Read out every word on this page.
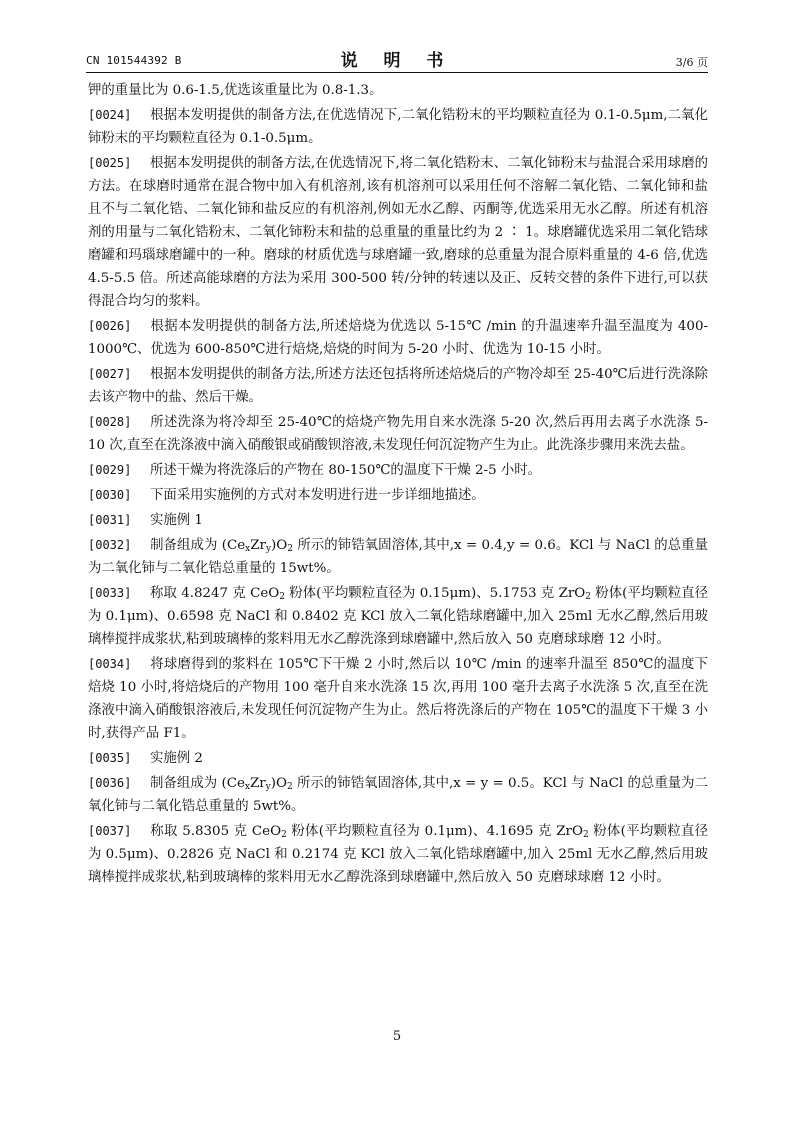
CN 101544392 B	说 明 书	3/6 页

钾的重量比为 0.6-1.5,优选该重量比为 0.8-1.3。

[0024] 根据本发明提供的制备方法,在优选情况下,二氧化锆粉末的平均颗粒直径为 0.1-0.5μm,二氧化铈粉末的平均颗粒直径为 0.1-0.5μm。

[0025] 根据本发明提供的制备方法,在优选情况下,将二氧化锆粉末、二氧化铈粉末与盐混合采用球磨的方法。在球磨时通常在混合物中加入有机溶剂,该有机溶剂可以采用任何不溶解二氧化锆、二氧化铈和盐且不与二氧化锆、二氧化铈和盐反应的有机溶剂,例如无水乙醇、丙酮等,优选采用无水乙醇。所述有机溶剂的用量与二氧化锆粉末、二氧化铈粉末和盐的总重量的重量比约为 2 ∶ 1。球磨罐优选采用二氧化锆球磨罐和玛瑙球磨罐中的一种。磨球的材质优选与球磨罐一致,磨球的总重量为混合原料重量的 4-6 倍,优选 4.5-5.5 倍。所述高能球磨的方法为采用 300-500 转/分钟的转速以及正、反转交替的条件下进行,可以获得混合均匀的浆料。

[0026] 根据本发明提供的制备方法,所述焙烧为优选以 5-15℃ /min 的升温速率升温至温度为 400-1000℃、优选为 600-850℃进行焙烧,焙烧的时间为 5-20 小时、优选为 10-15 小时。

[0027] 根据本发明提供的制备方法,所述方法还包括将所述焙烧后的产物冷却至 25-40℃后进行洗涤除去该产物中的盐、然后干燥。

[0028] 所述洗涤为将冷却至 25-40℃的焙烧产物先用自来水洗涤 5-20 次,然后再用去离子水洗涤 5-10 次,直至在洗涤液中滴入硝酸银或硝酸钡溶液,未发现任何沉淀物产生为止。此洗涤步骤用来洗去盐。

[0029] 所述干燥为将洗涤后的产物在 80-150℃的温度下干燥 2-5 小时。

[0030] 下面采用实施例的方式对本发明进行进一步详细地描述。

[0031] 实施例 1

[0032] 制备组成为 $(Ce_xZr_y)O_2$ 所示的铈锆氧固溶体,其中,x = 0.4,y = 0.6。KCl 与 NaCl 的总重量为二氧化铈与二氧化锆总重量的 15wt%。

[0033] 称取 4.8247 克 CeO$_2$ 粉体(平均颗粒直径为 0.15μm)、5.1753 克 ZrO$_2$ 粉体(平均颗粒直径为 0.1μm)、0.6598 克 NaCl 和 0.8402 克 KCl 放入二氧化锆球磨罐中,加入 25ml 无水乙醇,然后用玻璃棒搅拌成浆状,粘到玻璃棒的浆料用无水乙醇洗涤到球磨罐中,然后放入 50 克磨球球磨 12 小时。

[0034] 将球磨得到的浆料在 105℃下干燥 2 小时,然后以 10℃ /min 的速率升温至 850℃的温度下焙烧 10 小时,将焙烧后的产物用 100 毫升自来水洗涤 15 次,再用 100 毫升去离子水洗涤 5 次,直至在洗涤液中滴入硝酸银溶液后,未发现任何沉淀物产生为止。然后将洗涤后的产物在 105℃的温度下干燥 3 小时,获得产品 F1。

[0035] 实施例 2

[0036] 制备组成为 $(Ce_xZr_y)O_2$ 所示的铈锆氧固溶体,其中,x = y = 0.5。KCl 与 NaCl 的总重量为二氧化铈与二氧化锆总重量的 5wt%。

[0037] 称取 5.8305 克 CeO$_2$ 粉体(平均颗粒直径为 0.1μm)、4.1695 克 ZrO$_2$ 粉体(平均颗粒直径为 0.5μm)、0.2826 克 NaCl 和 0.2174 克 KCl 放入二氧化锆球磨罐中,加入 25ml 无水乙醇,然后用玻璃棒搅拌成浆状,粘到玻璃棒的浆料用无水乙醇洗涤到球磨罐中,然后放入 50 克磨球球磨 12 小时。

5
